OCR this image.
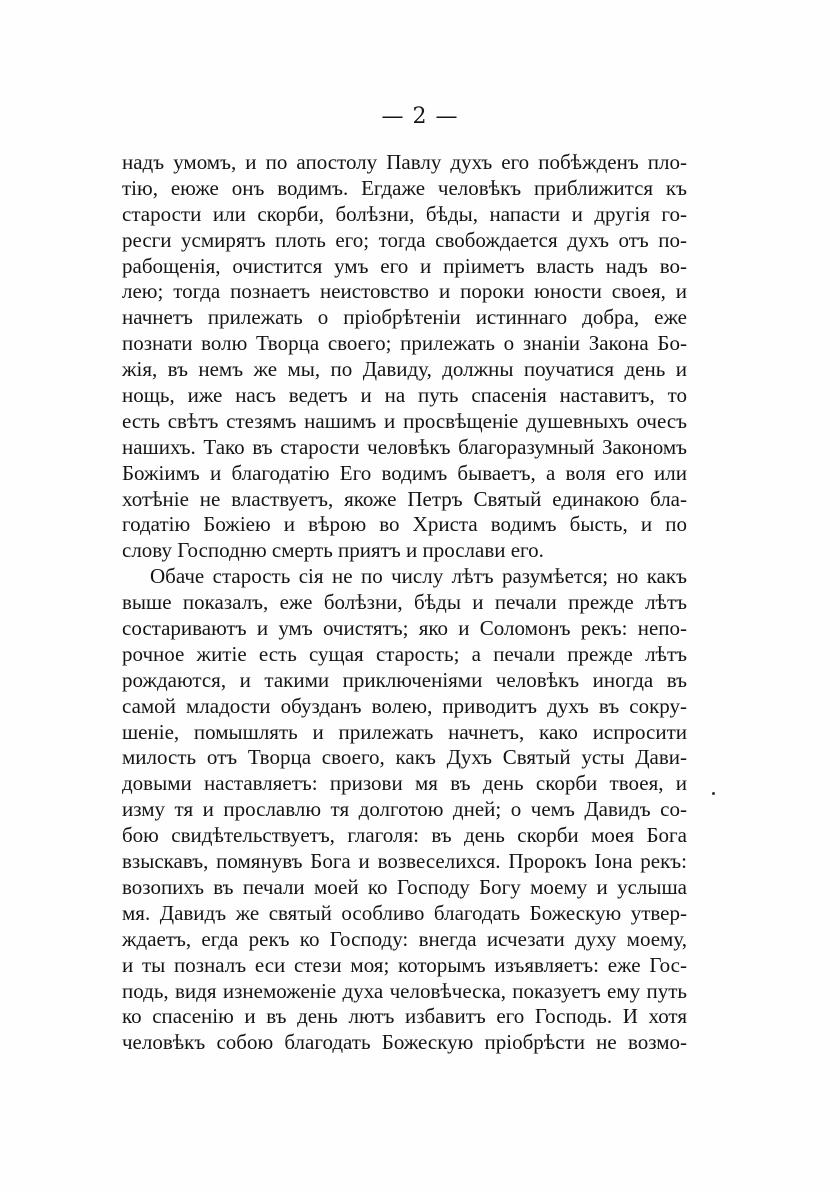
— 2 —
надъ умомъ, и по апостолу Павлу духъ его побѣжденъ пло-
тію, еюже онъ водимъ. Егдаже человѣкъ приближится къ
старости или скорби, болѣзни, бѣды, напасти и другія го-
ресги усмирятъ плоть его; тогда свобождается духъ отъ по-
рабощенія, очистится умъ его и пріиметъ власть надъ во-
лею; тогда познаетъ неистовство и пороки юности своея, и
начнетъ прилежать о пріобрѣтеніи истиннаго добра, еже
познати волю Творца своего; прилежать о знаніи Закона Бо-
жія, въ немъ же мы, по Давиду, должны поучатися день и
нощь, иже насъ ведетъ и на путь спасенія наставитъ, то
есть свѣтъ стезямъ нашимъ и просвѣщеніе душевныхъ очесъ
нашихъ. Тако въ старости человѣкъ благоразумный Закономъ
Божіимъ и благодатію Его водимъ бываетъ, а воля его или
хотѣніе не властвуетъ, якоже Петръ Святый единакою бла-
годатію Божіею и вѣрою во Христа водимъ бысть, и по
слову Господню смерть приятъ и прослави его.
Обаче старость сія не по числу лѣтъ разумѣется; но какъ
выше показалъ, еже болѣзни, бѣды и печали прежде лѣтъ
состариваютъ и умъ очистятъ; яко и Соломонъ рекъ: непо-
рочное житіе есть сущая старость; а печали прежде лѣтъ
рождаются, и такими приключеніями человѣкъ иногда въ
самой младости обузданъ волею, приводитъ духъ въ сокру-
шеніе, помышлять и прилежать начнетъ, како испросити
милость отъ Творца своего, какъ Духъ Святый усты Дави-
довыми наставляетъ: призови мя въ день скорби твоея, и
изму тя и прославлю тя долготою дней; о чемъ Давидъ со-
бою свидѣтельствуетъ, глаголя: въ день скорби моея Бога
взыскавъ, помянувъ Бога и возвеселихся. Пророкъ Іона рекъ:
возопихъ въ печали моей ко Господу Богу моему и услыша
мя. Давидъ же святый особливо благодать Божескую утвер-
ждаетъ, егда рекъ ко Господу: внегда исчезати духу моему,
и ты позналъ еси стези моя; которымъ изъявляетъ: еже Гос-
подь, видя изнеможеніе духа человѣческа, показуетъ ему путь
ко спасенію и въ день лютъ избавитъ его Господь. И хотя
человѣкъ собою благодать Божескую пріобрѣсти не возмо-
